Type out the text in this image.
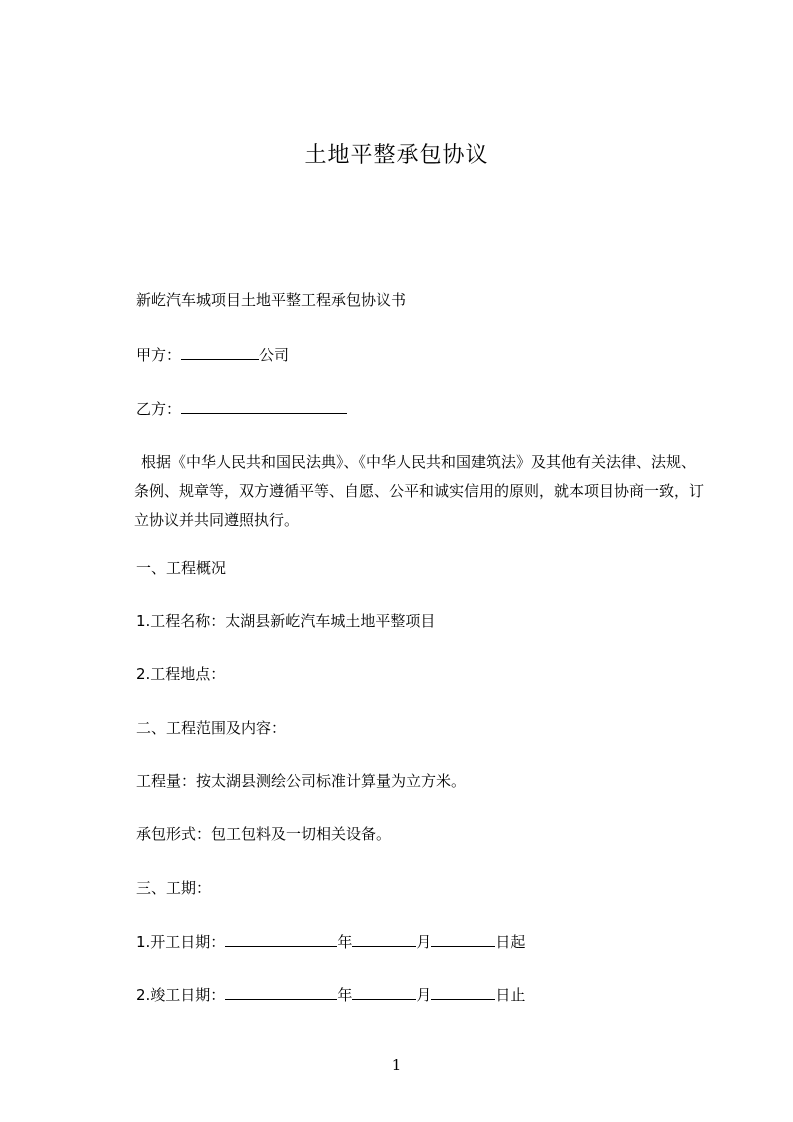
土地平整承包协议
新屹汽车城项目土地平整工程承包协议书
甲方：	公司
乙方：
根据《中华人民共和国民法典》、《中华人民共和国建筑法》及其他有关法律、法规、条例、规章等，双方遵循平等、自愿、公平和诚实信用的原则，就本项目协商一致，订立协议并共同遵照执行。
一、工程概况
1.工程名称：太湖县新屹汽车城土地平整项目
2.工程地点：
二、工程范围及内容：
工程量：按太湖县测绘公司标准计算量为立方米。
承包形式：包工包料及一切相关设备。
三、工期：
1.开工日期：	年	月	日起
2.竣工日期：	年	月	日止
1
